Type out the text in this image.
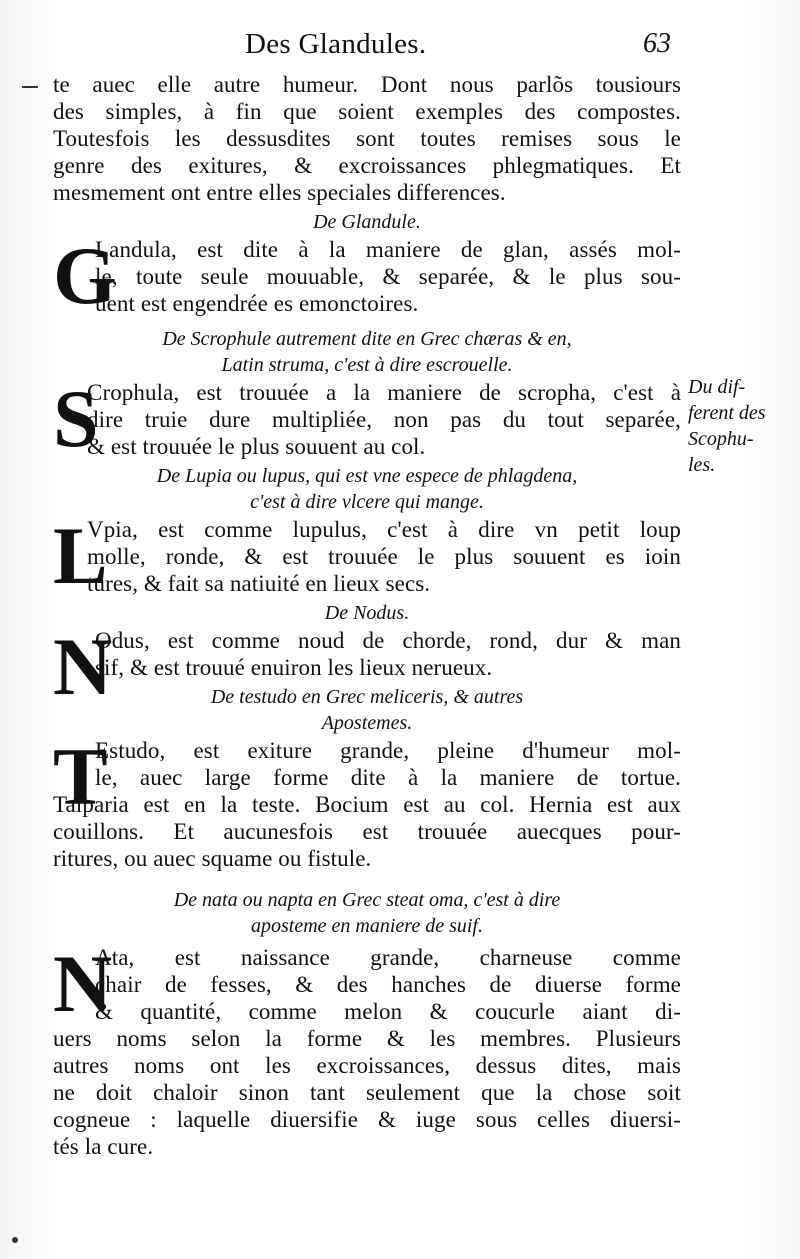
Des Glandules.	63
te auec elle autre humeur. Dont nous parlõs tousiours
des simples, à fin que soient exemples des compostes.
Toutesfois les dessusdites sont toutes remises sous le
genre des exitures, & excroissances phlegmatiques. Et
mesmement ont entre elles speciales differences.
De Glandule.
G
Landula, est dite à la maniere de glan, assés mol-
le, toute seule mouuable, & separée, & le plus sou-
uent est engendrée es emonctoires.
De Scrophule autrement dite en Grec chæras & en,
Latin struma, c'est à dire escrouelle.
S
Crophula, est trouuée a la maniere de scropha, c'est à
dire truie dure multipliée, non pas du tout separée,
& est trouuée le plus souuent au col.
De Lupia ou lupus, qui est vne espece de phlagdena,
c'est à dire vlcere qui mange.
L
Vpia, est comme lupulus, c'est à dire vn petit loup
molle, ronde, & est trouuée le plus souuent es ioin
tures, & fait sa natiuité en lieux secs.
De Nodus.
N
Odus, est comme noud de chorde, rond, dur & man
sif, & est trouué enuiron les lieux nerueux.
De testudo en Grec meliceris, & autres
Apostemes.
T
Estudo, est exiture grande, pleine d'humeur mol-
le, auec large forme dite à la maniere de tortue.
Talparia est en la teste. Bocium est au col. Hernia est aux
couillons. Et aucunesfois est trouuée auecques pour-
ritures, ou auec squame ou fistule.
De nata ou napta en Grec steat oma, c'est à dire
aposteme en maniere de suif.
N
Ata, est naissance grande, charneuse comme
chair de fesses, & des hanches de diuerse forme
& quantité, comme melon & coucurle aiant di-
uers noms selon la forme & les membres. Plusieurs
autres noms ont les excroissances, dessus dites, mais
ne doit chaloir sinon tant seulement que la chose soit
cogneue : laquelle diuersifie & iuge sous celles diuersi-
tés la cure.
Du dif-
ferent des
Scophu-
les.
